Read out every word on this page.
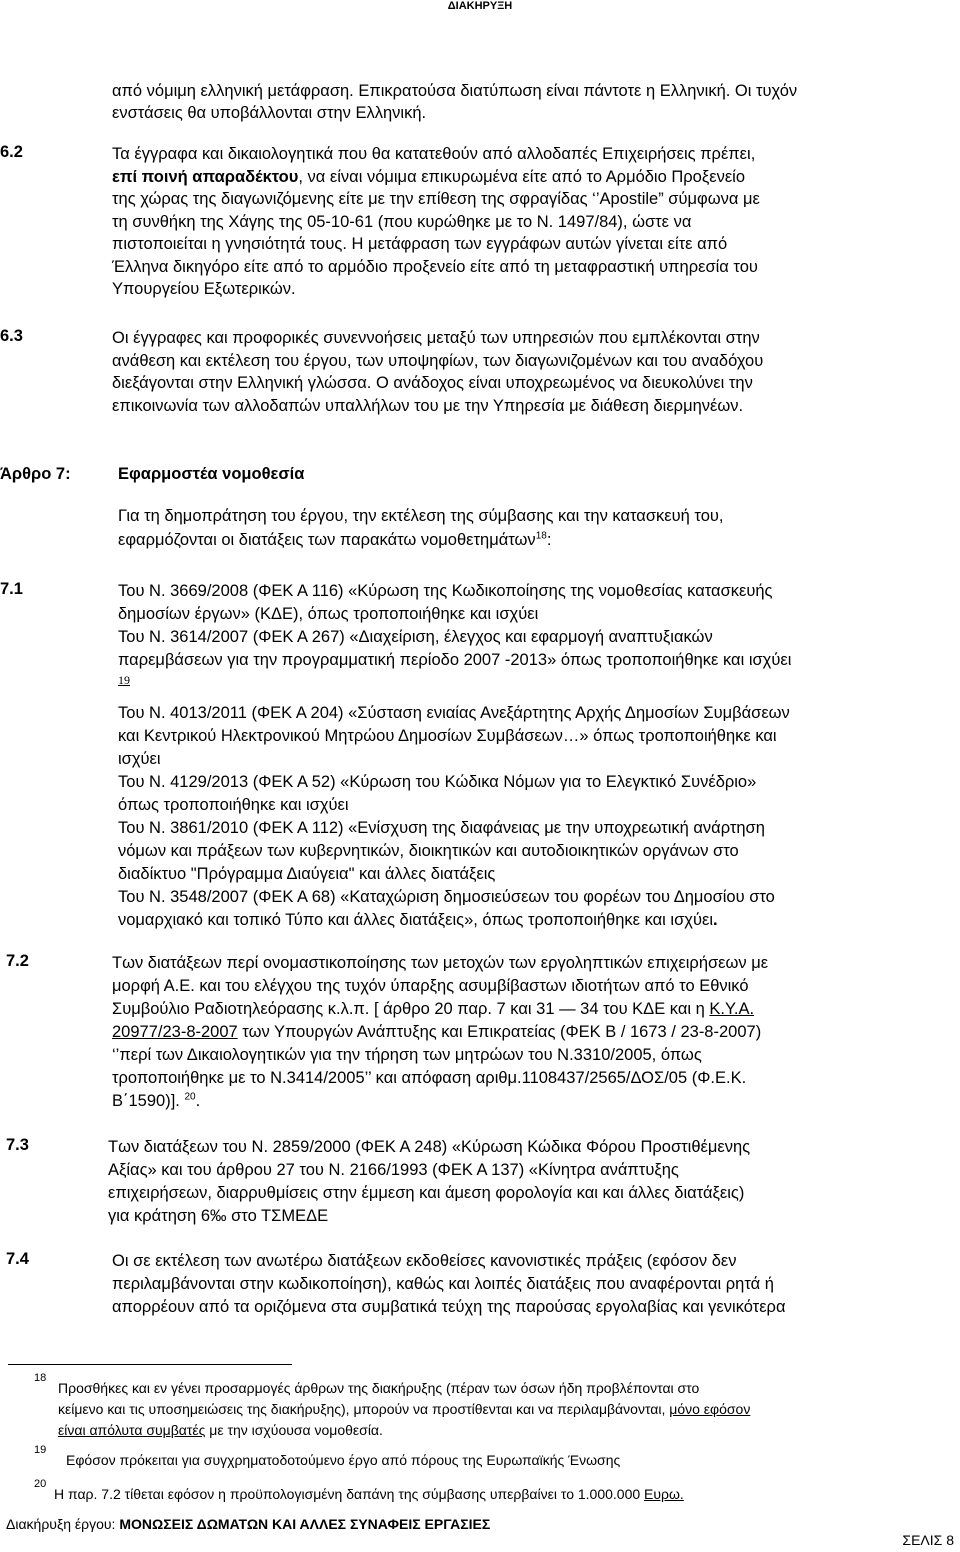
ΔΙΑΚΗΡΥΞΗ
από νόμιμη ελληνική μετάφραση. Επικρατούσα διατύπωση είναι πάντοτε η Ελληνική. Οι τυχόν
ενστάσεις θα υποβάλλονται στην Ελληνική.
6.2	Τα έγγραφα και δικαιολογητικά που θα κατατεθούν από αλλοδαπές Επιχειρήσεις πρέπει,
επί ποινή απαραδέκτου, να είναι νόμιμα επικυρωμένα είτε από το Αρμόδιο Προξενείο
της χώρας της διαγωνιζόμενης είτε με την επίθεση της σφραγίδας ‘’Apostile” σύμφωνα με
τη συνθήκη της Χάγης της 05-10-61 (που κυρώθηκε με το Ν. 1497/84), ώστε να
πιστοποιείται η γνησιότητά τους. Η μετάφραση των εγγράφων αυτών γίνεται είτε από
Έλληνα δικηγόρο είτε από το αρμόδιο προξενείο είτε από τη μεταφραστική υπηρεσία του
Υπουργείου Εξωτερικών.
6.3	Οι έγγραφες και προφορικές συνεννοήσεις μεταξύ των υπηρεσιών που εμπλέκονται στην
ανάθεση και εκτέλεση του έργου, των υποψηφίων, των διαγωνιζομένων και του αναδόχου
διεξάγονται στην Ελληνική γλώσσα. Ο ανάδοχος είναι υποχρεωμένος να διευκολύνει την
επικοινωνία των αλλοδαπών υπαλλήλων του με την Υπηρεσία με διάθεση διερμηνέων.
Άρθρο 7:	Εφαρμοστέα νομοθεσία
Για τη δημοπράτηση του έργου, την εκτέλεση της σύμβασης και την κατασκευή του,
εφαρμόζονται οι διατάξεις των παρακάτω νομοθετημάτων$^{18}$:
7.1	Του Ν. 3669/2008 (ΦΕΚ Α 116) «Κύρωση της Κωδικοποίησης της νομοθεσίας κατασκευής
δημοσίων έργων» (ΚΔΕ), όπως τροποποιήθηκε και ισχύει
Του Ν. 3614/2007 (ΦΕΚ Α 267) «Διαχείριση, έλεγχος και εφαρμογή αναπτυξιακών
παρεμβάσεων για την προγραμματική περίοδο 2007 -2013» όπως τροποποιήθηκε και ισχύει
19
Του Ν. 4013/2011 (ΦΕΚ Α 204) «Σύσταση ενιαίας Ανεξάρτητης Αρχής Δημοσίων Συμβάσεων
και Κεντρικού Ηλεκτρονικού Μητρώου Δημοσίων Συμβάσεων…» όπως τροποποιήθηκε και
ισχύει
Του Ν. 4129/2013 (ΦΕΚ Α 52) «Κύρωση του Κώδικα Νόμων για το Ελεγκτικό Συνέδριο»
όπως τροποποιήθηκε και ισχύει
Του Ν. 3861/2010 (ΦΕΚ Α 112) «Ενίσχυση της διαφάνειας με την υποχρεωτική ανάρτηση
νόμων και πράξεων των κυβερνητικών, διοικητικών και αυτοδιοικητικών οργάνων στο
διαδίκτυο "Πρόγραμμα Διαύγεια" και άλλες διατάξεις
Του Ν. 3548/2007 (ΦΕΚ Α 68) «Καταχώριση δημοσιεύσεων του φορέων του Δημοσίου στο
νομαρχιακό και τοπικό Τύπο και άλλες διατάξεις», όπως τροποποιήθηκε και ισχύει.
7.2	Των διατάξεων περί ονομαστικοποίησης των μετοχών των εργοληπτικών επιχειρήσεων με
μορφή Α.Ε. και του ελέγχου της τυχόν ύπαρξης ασυμβίβαστων ιδιοτήτων από το Εθνικό
Συμβούλιο Ραδιοτηλεόρασης κ.λ.π. [ άρθρο 20 παρ. 7 και 31 — 34 του ΚΔΕ και η Κ.Υ.Α.
20977/23-8-2007 των Υπουργών Ανάπτυξης και Επικρατείας (ΦΕΚ Β / 1673 / 23-8-2007)
‘’περί των Δικαιολογητικών για την τήρηση των μητρώων του Ν.3310/2005, όπως
τροποποιήθηκε με το Ν.3414/2005’’ και απόφαση αριθμ.1108437/2565/ΔΟΣ/05 (Φ.Ε.Κ.
Β΄1590)]. $^{20}$.
7.3	Των διατάξεων του Ν. 2859/2000 (ΦΕΚ Α 248) «Κύρωση Κώδικα Φόρου Προστιθέμενης
Αξίας» και του άρθρου 27 του Ν. 2166/1993 (ΦΕΚ Α 137) «Κίνητρα ανάπτυξης
επιχειρήσεων, διαρρυθμίσεις στην έμμεση και άμεση φορολογία και και άλλες διατάξεις)
για κράτηση 6‰ στο ΤΣΜΕΔΕ
7.4	Οι σε εκτέλεση των ανωτέρω διατάξεων εκδοθείσες κανονιστικές πράξεις (εφόσον δεν
περιλαμβάνονται στην κωδικοποίηση), καθώς και λοιπές διατάξεις που αναφέρονται ρητά ή
απορρέουν από τα οριζόμενα στα συμβατικά τεύχη της παρούσας εργολαβίας και γενικότερα
18
Προσθήκες και εν γένει προσαρμογές άρθρων της διακήρυξης (πέραν των όσων ήδη προβλέπονται στο
κείμενο και τις υποσημειώσεις της διακήρυξης), μπορούν να προστίθενται και να περιλαμβάνονται, μόνο εφόσον
είναι απόλυτα συμβατές με την ισχύουσα νομοθεσία.
19
Εφόσον πρόκειται για συγχρηματοδοτούμενο έργο από πόρους της Ευρωπαϊκής Ένωσης
20
Η παρ. 7.2 τίθεται εφόσον η προϋπολογισμένη δαπάνη της σύμβασης υπερβαίνει το 1.000.000 Ευρω.
Διακήρυξη έργου: ΜΟΝΩΣΕΙΣ ΔΩΜΑΤΩΝ ΚΑΙ ΑΛΛΕΣ ΣΥΝΑΦΕΙΣ ΕΡΓΑΣΙΕΣ
ΣΕΛΙΣ 8
